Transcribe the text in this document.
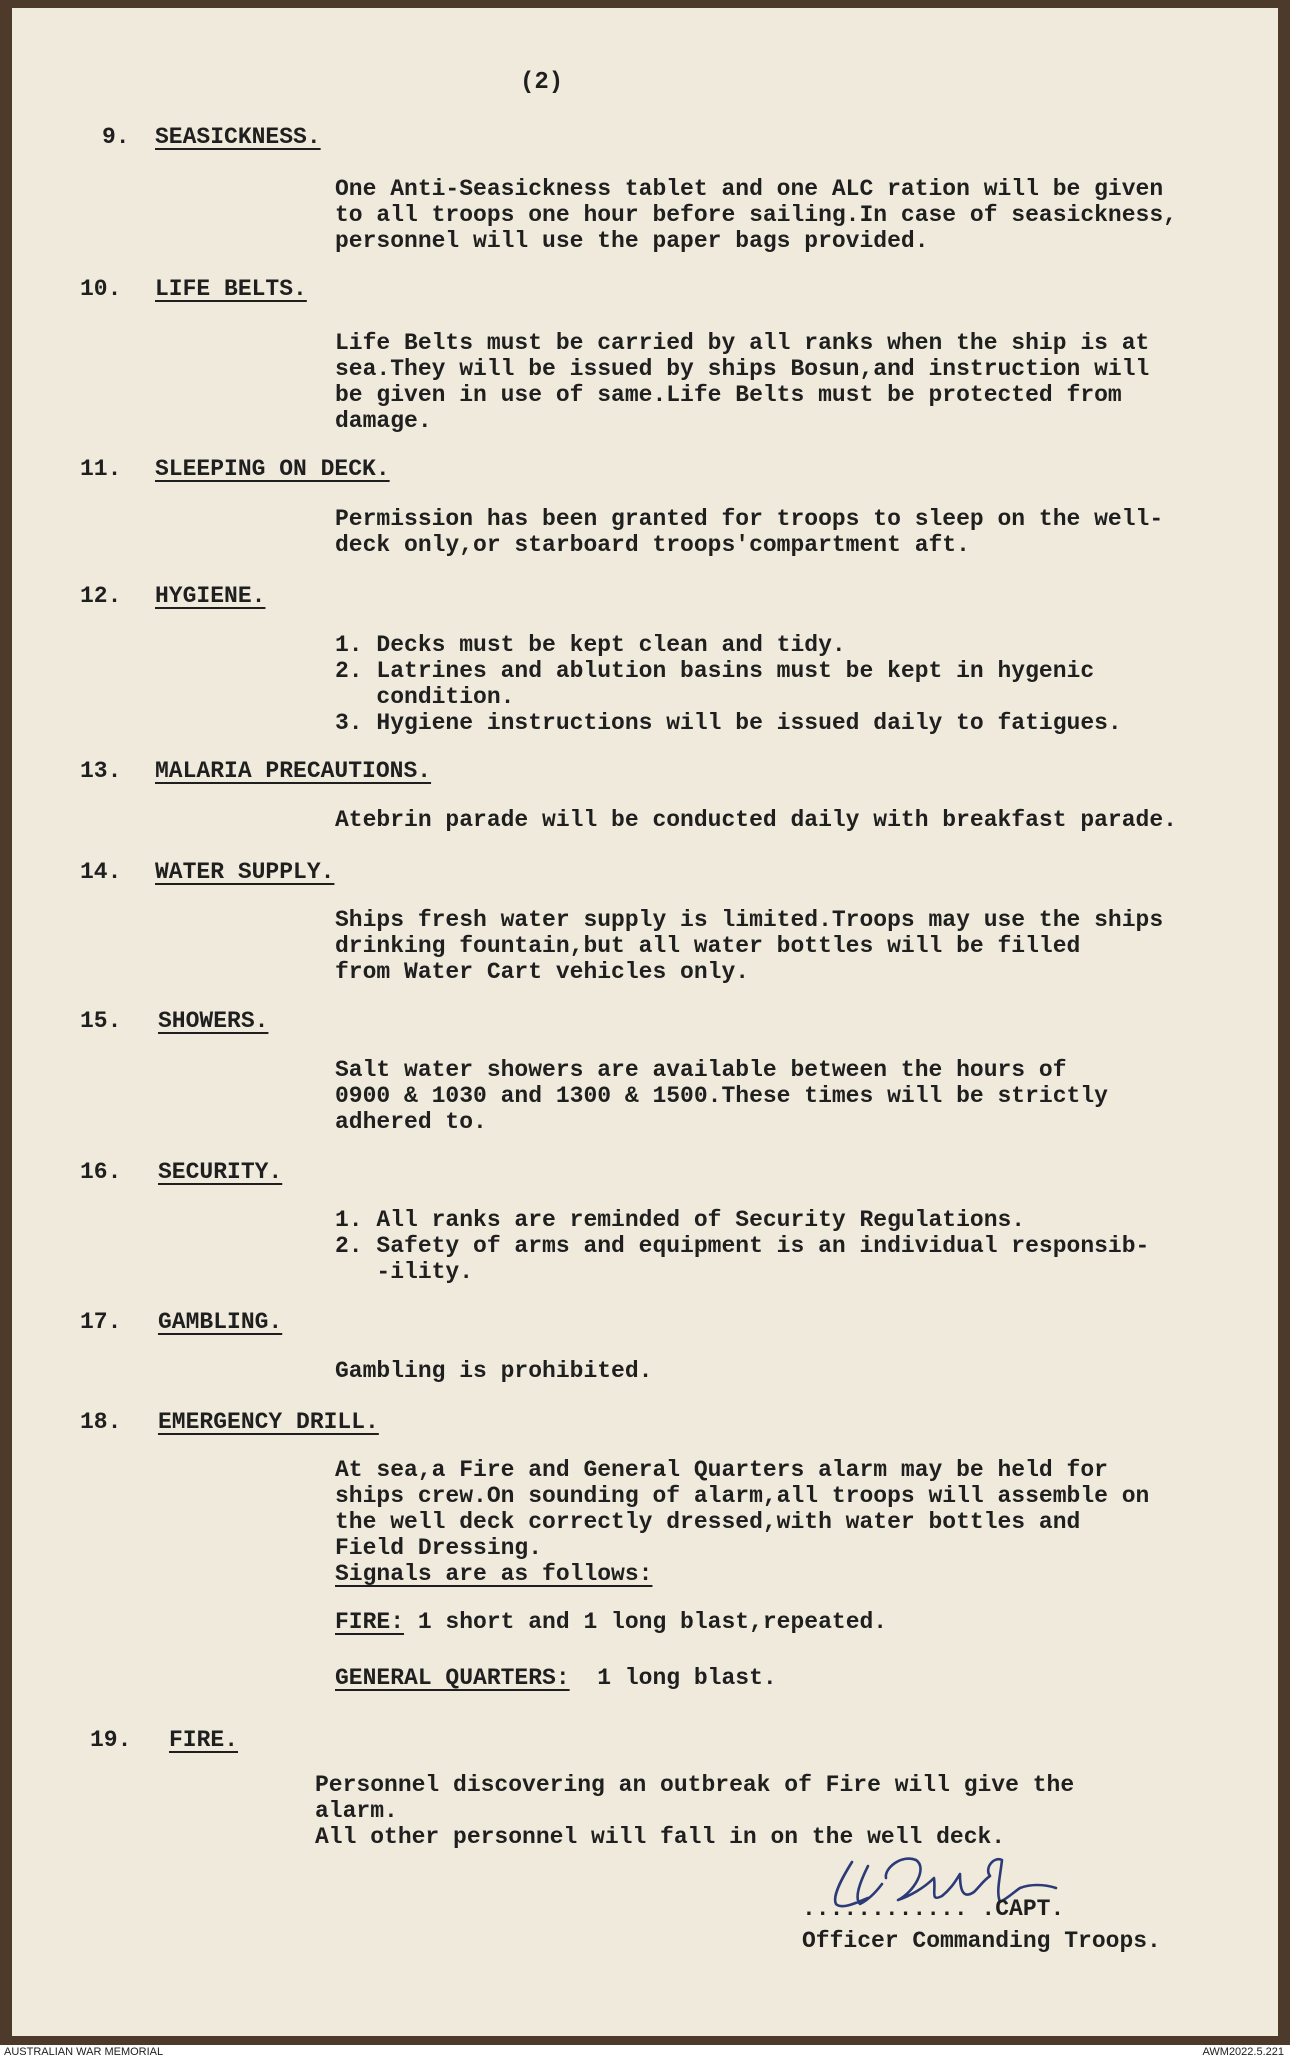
(2)
9. SEASICKNESS.
One Anti-Seasickness tablet and one ALC ration will be given
to all troops one hour before sailing.In case of seasickness,
personnel will use the paper bags provided.
10. LIFE BELTS.
Life Belts must be carried by all ranks when the ship is at
sea.They will be issued by ships Bosun,and instruction will
be given in use of same.Life Belts must be protected from
damage.
11. SLEEPING ON DECK.
Permission has been granted for troops to sleep on the well-
deck only,or starboard troops'compartment aft.
12. HYGIENE.
1. Decks must be kept clean and tidy.
2. Latrines and ablution basins must be kept in hygenic
condition.
3. Hygiene instructions will be issued daily to fatigues.
13. MALARIA PRECAUTIONS.
Atebrin parade will be conducted daily with breakfast parade.
14. WATER SUPPLY.
Ships fresh water supply is limited.Troops may use the ships
drinking fountain,but all water bottles will be filled
from Water Cart vehicles only.
15. SHOWERS.
Salt water showers are available between the hours of
0900 & 1030 and 1300 & 1500.These times will be strictly
adhered to.
16. SECURITY.
1. All ranks are reminded of Security Regulations.
2. Safety of arms and equipment is an individual responsib-
-ility.
17. GAMBLING.
Gambling is prohibited.
18. EMERGENCY DRILL.
At sea,a Fire and General Quarters alarm may be held for
ships crew.On sounding of alarm,all troops will assemble on
the well deck correctly dressed,with water bottles and
Field Dressing.
Signals are as follows:
FIRE: 1 short and 1 long blast,repeated.
GENERAL QUARTERS:  1 long blast.
19. FIRE.
Personnel discovering an outbreak of Fire will give the
alarm.
All other personnel will fall in on the well deck.
............ .CAPT.
Officer Commanding Troops.
AUSTRALIAN WAR MEMORIAL	AWM2022.5.221
